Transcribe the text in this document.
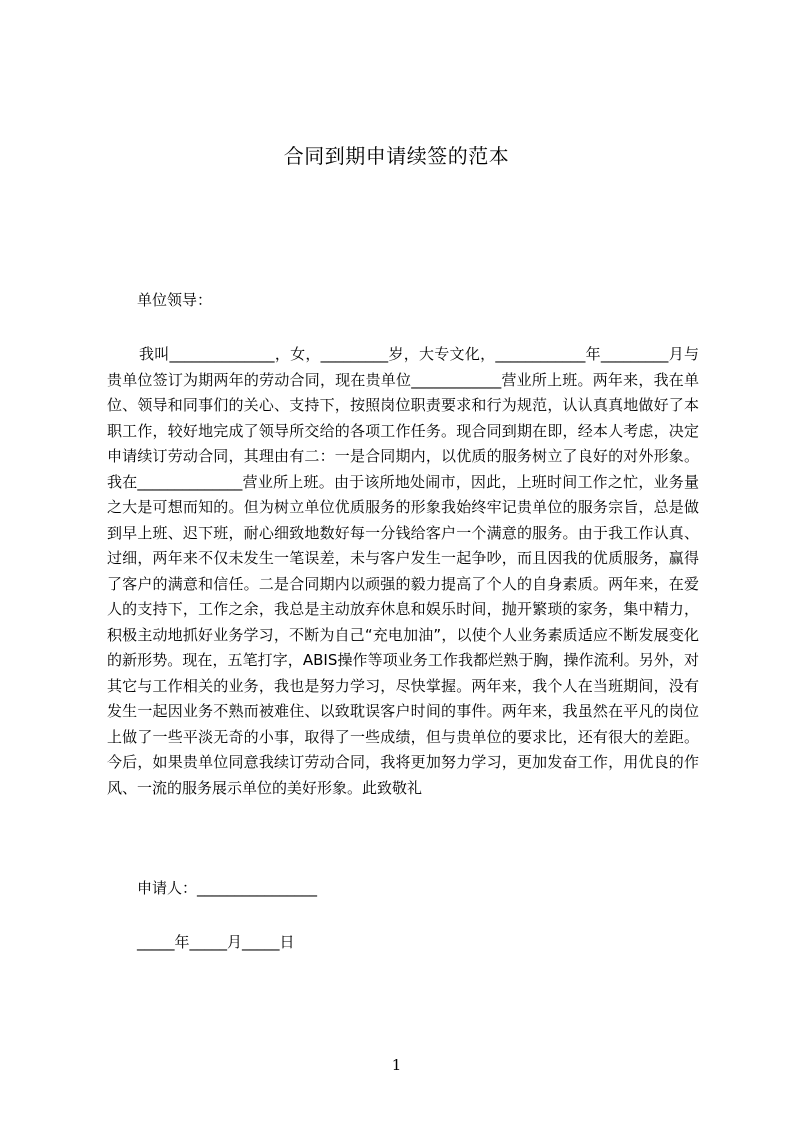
合同到期申请续签的范本
单位领导：

我叫______________，女，_________岁，大专文化，____________年_________月与贵单位签订为期两年的劳动合同，现在贵单位____________营业所上班。两年来，我在单位、领导和同事们的关心、支持下，按照岗位职责要求和行为规范，认认真真地做好了本职工作，较好地完成了领导所交给的各项工作任务。现合同到期在即，经本人考虑，决定申请续订劳动合同，其理由有二：一是合同期内，以优质的服务树立了良好的对外形象。我在______________营业所上班。由于该所地处闹市，因此，上班时间工作之忙，业务量之大是可想而知的。但为树立单位优质服务的形象我始终牢记贵单位的服务宗旨，总是做到早上班、迟下班，耐心细致地数好每一分钱给客户一个满意的服务。由于我工作认真、过细，两年来不仅未发生一笔误差，未与客户发生一起争吵，而且因我的优质服务，赢得了客户的满意和信任。二是合同期内以顽强的毅力提高了个人的自身素质。两年来，在爱人的支持下，工作之余，我总是主动放弃休息和娱乐时间，抛开繁琐的家务，集中精力，积极主动地抓好业务学习，不断为自己“充电加油”，以使个人业务素质适应不断发展变化的新形势。现在，五笔打字，ABIS操作等项业务工作我都烂熟于胸，操作流利。另外，对其它与工作相关的业务，我也是努力学习，尽快掌握。两年来，我个人在当班期间，没有发生一起因业务不熟而被难住、以致耽误客户时间的事件。两年来，我虽然在平凡的岗位上做了一些平淡无奇的小事，取得了一些成绩，但与贵单位的要求比，还有很大的差距。今后，如果贵单位同意我续订劳动合同，我将更加努力学习，更加发奋工作，用优良的作风、一流的服务展示单位的美好形象。此致敬礼

申请人：________________
_____年_____月_____日
1
